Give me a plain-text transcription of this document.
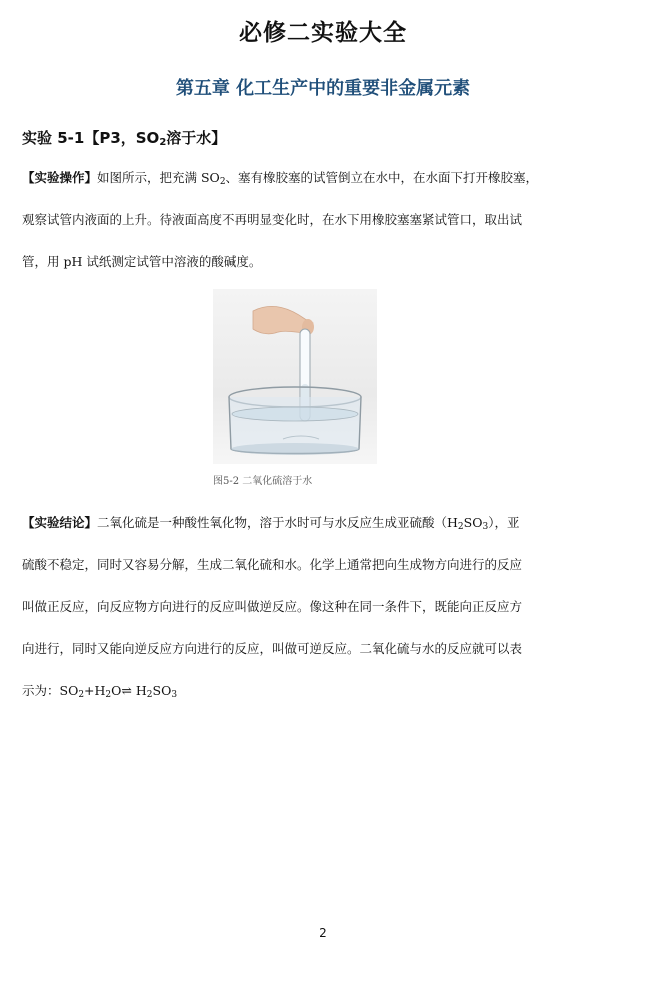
必修二实验大全
第五章 化工生产中的重要非金属元素
实验 5-1【P3，$SO_2$溶于水】
【实验操作】如图所示，把充满 $SO_2$、塞有橡胶塞的试管倒立在水中，在水面下打开橡胶塞，
观察试管内液面的上升。待液面高度不再明显变化时，在水下用橡胶塞塞紧试管口，取出试
管，用 pH 试纸测定试管中溶液的酸碱度。
图5-2 二氧化硫溶于水
【实验结论】二氧化硫是一种酸性氧化物，溶于水时可与水反应生成亚硫酸$(H_2SO_3)$，亚
硫酸不稳定，同时又容易分解，生成二氧化硫和水。化学上通常把向生成物方向进行的反应
叫做正反应，向反应物方向进行的反应叫做逆反应。像这种在同一条件下，既能向正反应方
向进行，同时又能向逆反应方向进行的反应，叫做可逆反应。二氧化硫与水的反应就可以表
示为：$SO_2+H_2O\rightleftharpoons$ $H_2SO_3$
2
